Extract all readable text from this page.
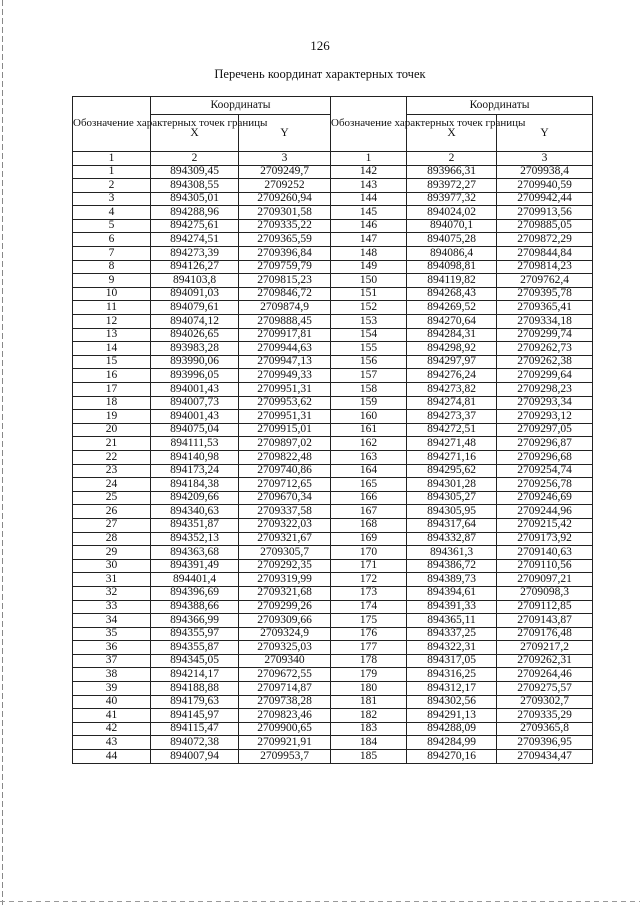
126
Перечень координат характерных точек
Обозначение характерных точек границы	Координаты		Обозначение характерных точек границы	Координаты	
	X	Y		X	Y
1	2	3	1	2	3
1	894309,45	2709249,7	142	893966,31	2709938,4
2	894308,55	2709252	143	893972,27	2709940,59
3	894305,01	2709260,94	144	893977,32	2709942,44
4	894288,96	2709301,58	145	894024,02	2709913,56
5	894275,61	2709335,22	146	894070,1	2709885,05
6	894274,51	2709365,59	147	894075,28	2709872,29
7	894273,39	2709396,84	148	894086,4	2709844,84
8	894126,27	2709759,79	149	894098,81	2709814,23
9	894103,8	2709815,23	150	894119,82	2709762,4
10	894091,03	2709846,72	151	894268,43	2709395,78
11	894079,61	2709874,9	152	894269,52	2709365,41
12	894074,12	2709888,45	153	894270,64	2709334,18
13	894026,65	2709917,81	154	894284,31	2709299,74
14	893983,28	2709944,63	155	894298,92	2709262,73
15	893990,06	2709947,13	156	894297,97	2709262,38
16	893996,05	2709949,33	157	894276,24	2709299,64
17	894001,43	2709951,31	158	894273,82	2709298,23
18	894007,73	2709953,62	159	894274,81	2709293,34
19	894001,43	2709951,31	160	894273,37	2709293,12
20	894075,04	2709915,01	161	894272,51	2709297,05
21	894111,53	2709897,02	162	894271,48	2709296,87
22	894140,98	2709822,48	163	894271,16	2709296,68
23	894173,24	2709740,86	164	894295,62	2709254,74
24	894184,38	2709712,65	165	894301,28	2709256,78
25	894209,66	2709670,34	166	894305,27	2709246,69
26	894340,63	2709337,58	167	894305,95	2709244,96
27	894351,87	2709322,03	168	894317,64	2709215,42
28	894352,13	2709321,67	169	894332,87	2709173,92
29	894363,68	2709305,7	170	894361,3	2709140,63
30	894391,49	2709292,35	171	894386,72	2709110,56
31	894401,4	2709319,99	172	894389,73	2709097,21
32	894396,69	2709321,68	173	894394,61	2709098,3
33	894388,66	2709299,26	174	894391,33	2709112,85
34	894366,99	2709309,66	175	894365,11	2709143,87
35	894355,97	2709324,9	176	894337,25	2709176,48
36	894355,87	2709325,03	177	894322,31	2709217,2
37	894345,05	2709340	178	894317,05	2709262,31
38	894214,17	2709672,55	179	894316,25	2709264,46
39	894188,88	2709714,87	180	894312,17	2709275,57
40	894179,63	2709738,28	181	894302,56	2709302,7
41	894145,97	2709823,46	182	894291,13	2709335,29
42	894115,47	2709900,65	183	894288,09	2709365,8
43	894072,38	2709921,91	184	894284,99	2709396,95
44	894007,94	2709953,7	185	894270,16	2709434,47
